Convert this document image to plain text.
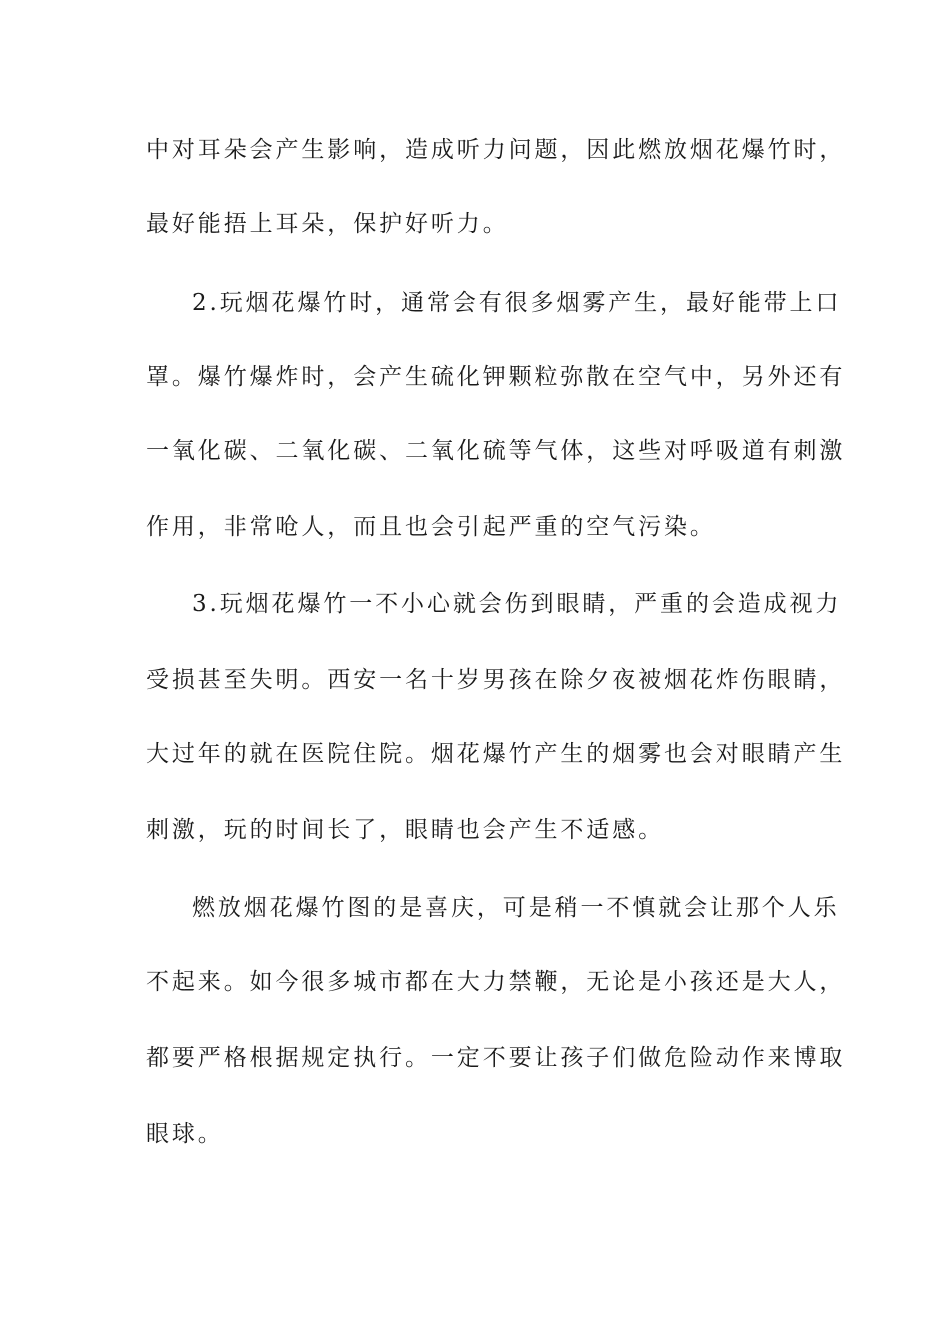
中对耳朵会产生影响，造成听力问题，因此燃放烟花爆竹时，
最好能捂上耳朵，保护好听力。
2.玩烟花爆竹时，通常会有很多烟雾产生，最好能带上口
罩。爆竹爆炸时，会产生硫化钾颗粒弥散在空气中，另外还有
一氧化碳、二氧化碳、二氧化硫等气体，这些对呼吸道有刺激
作用，非常呛人，而且也会引起严重的空气污染。
3.玩烟花爆竹一不小心就会伤到眼睛，严重的会造成视力
受损甚至失明。西安一名十岁男孩在除夕夜被烟花炸伤眼睛，
大过年的就在医院住院。烟花爆竹产生的烟雾也会对眼睛产生
刺激，玩的时间长了，眼睛也会产生不适感。
燃放烟花爆竹图的是喜庆，可是稍一不慎就会让那个人乐
不起来。如今很多城市都在大力禁鞭，无论是小孩还是大人，
都要严格根据规定执行。一定不要让孩子们做危险动作来博取
眼球。
